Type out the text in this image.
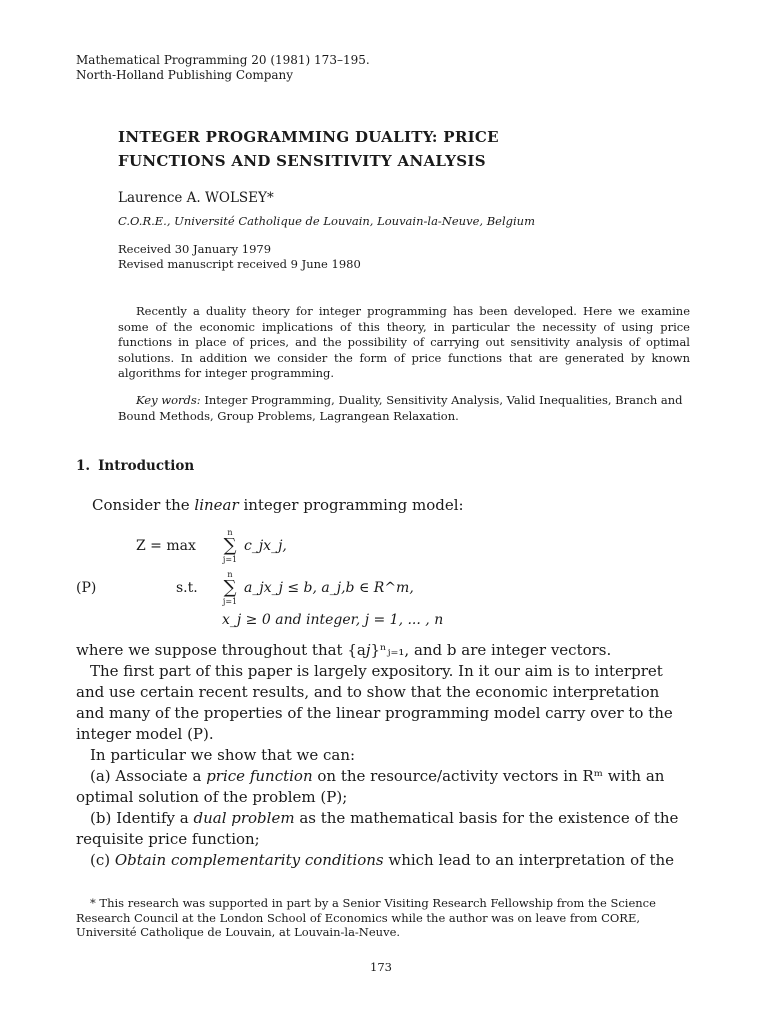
Mathematical Programming 20 (1981) 173–195.
North-Holland Publishing Company
INTEGER PROGRAMMING DUALITY: PRICE
FUNCTIONS AND SENSITIVITY ANALYSIS
Laurence A. WOLSEY*
C.O.R.E., Université Catholique de Louvain, Louvain-la-Neuve, Belgium
Received 30 January 1979
Revised manuscript received 9 June 1980
Recently a duality theory for integer programming has been developed. Here we examine some of the economic implications of this theory, in particular the necessity of using price functions in place of prices, and the possibility of carrying out sensitivity analysis of optimal solutions. In addition we consider the form of price functions that are generated by known algorithms for integer programming.
Key words: Integer Programming, Duality, Sensitivity Analysis, Valid Inequalities, Branch and Bound Methods, Group Problems, Lagrangean Relaxation.
1. Introduction
Consider the linear integer programming model:
Z = max
n
∑
j=1
c_jx_j,
(P)	s.t.
n
∑
j=1
a_jx_j ≤ b, a_j,b ∈ R^m,
x_j ≥ 0 and integer, j = 1, ... , n
where we suppose throughout that {aj}ⁿⱼ₌₁, and b are integer vectors.
The first part of this paper is largely expository. In it our aim is to interpret and use certain recent results, and to show that the economic interpretation and many of the properties of the linear programming model carry over to the integer model (P).
In particular we show that we can:
(a) Associate a price function on the resource/activity vectors in Rᵐ with an optimal solution of the problem (P);
(b) Identify a dual problem as the mathematical basis for the existence of the requisite price function;
(c) Obtain complementarity conditions which lead to an interpretation of the
* This research was supported in part by a Senior Visiting Research Fellowship from the Science Research Council at the London School of Economics while the author was on leave from CORE, Université Catholique de Louvain, at Louvain-la-Neuve.
173
